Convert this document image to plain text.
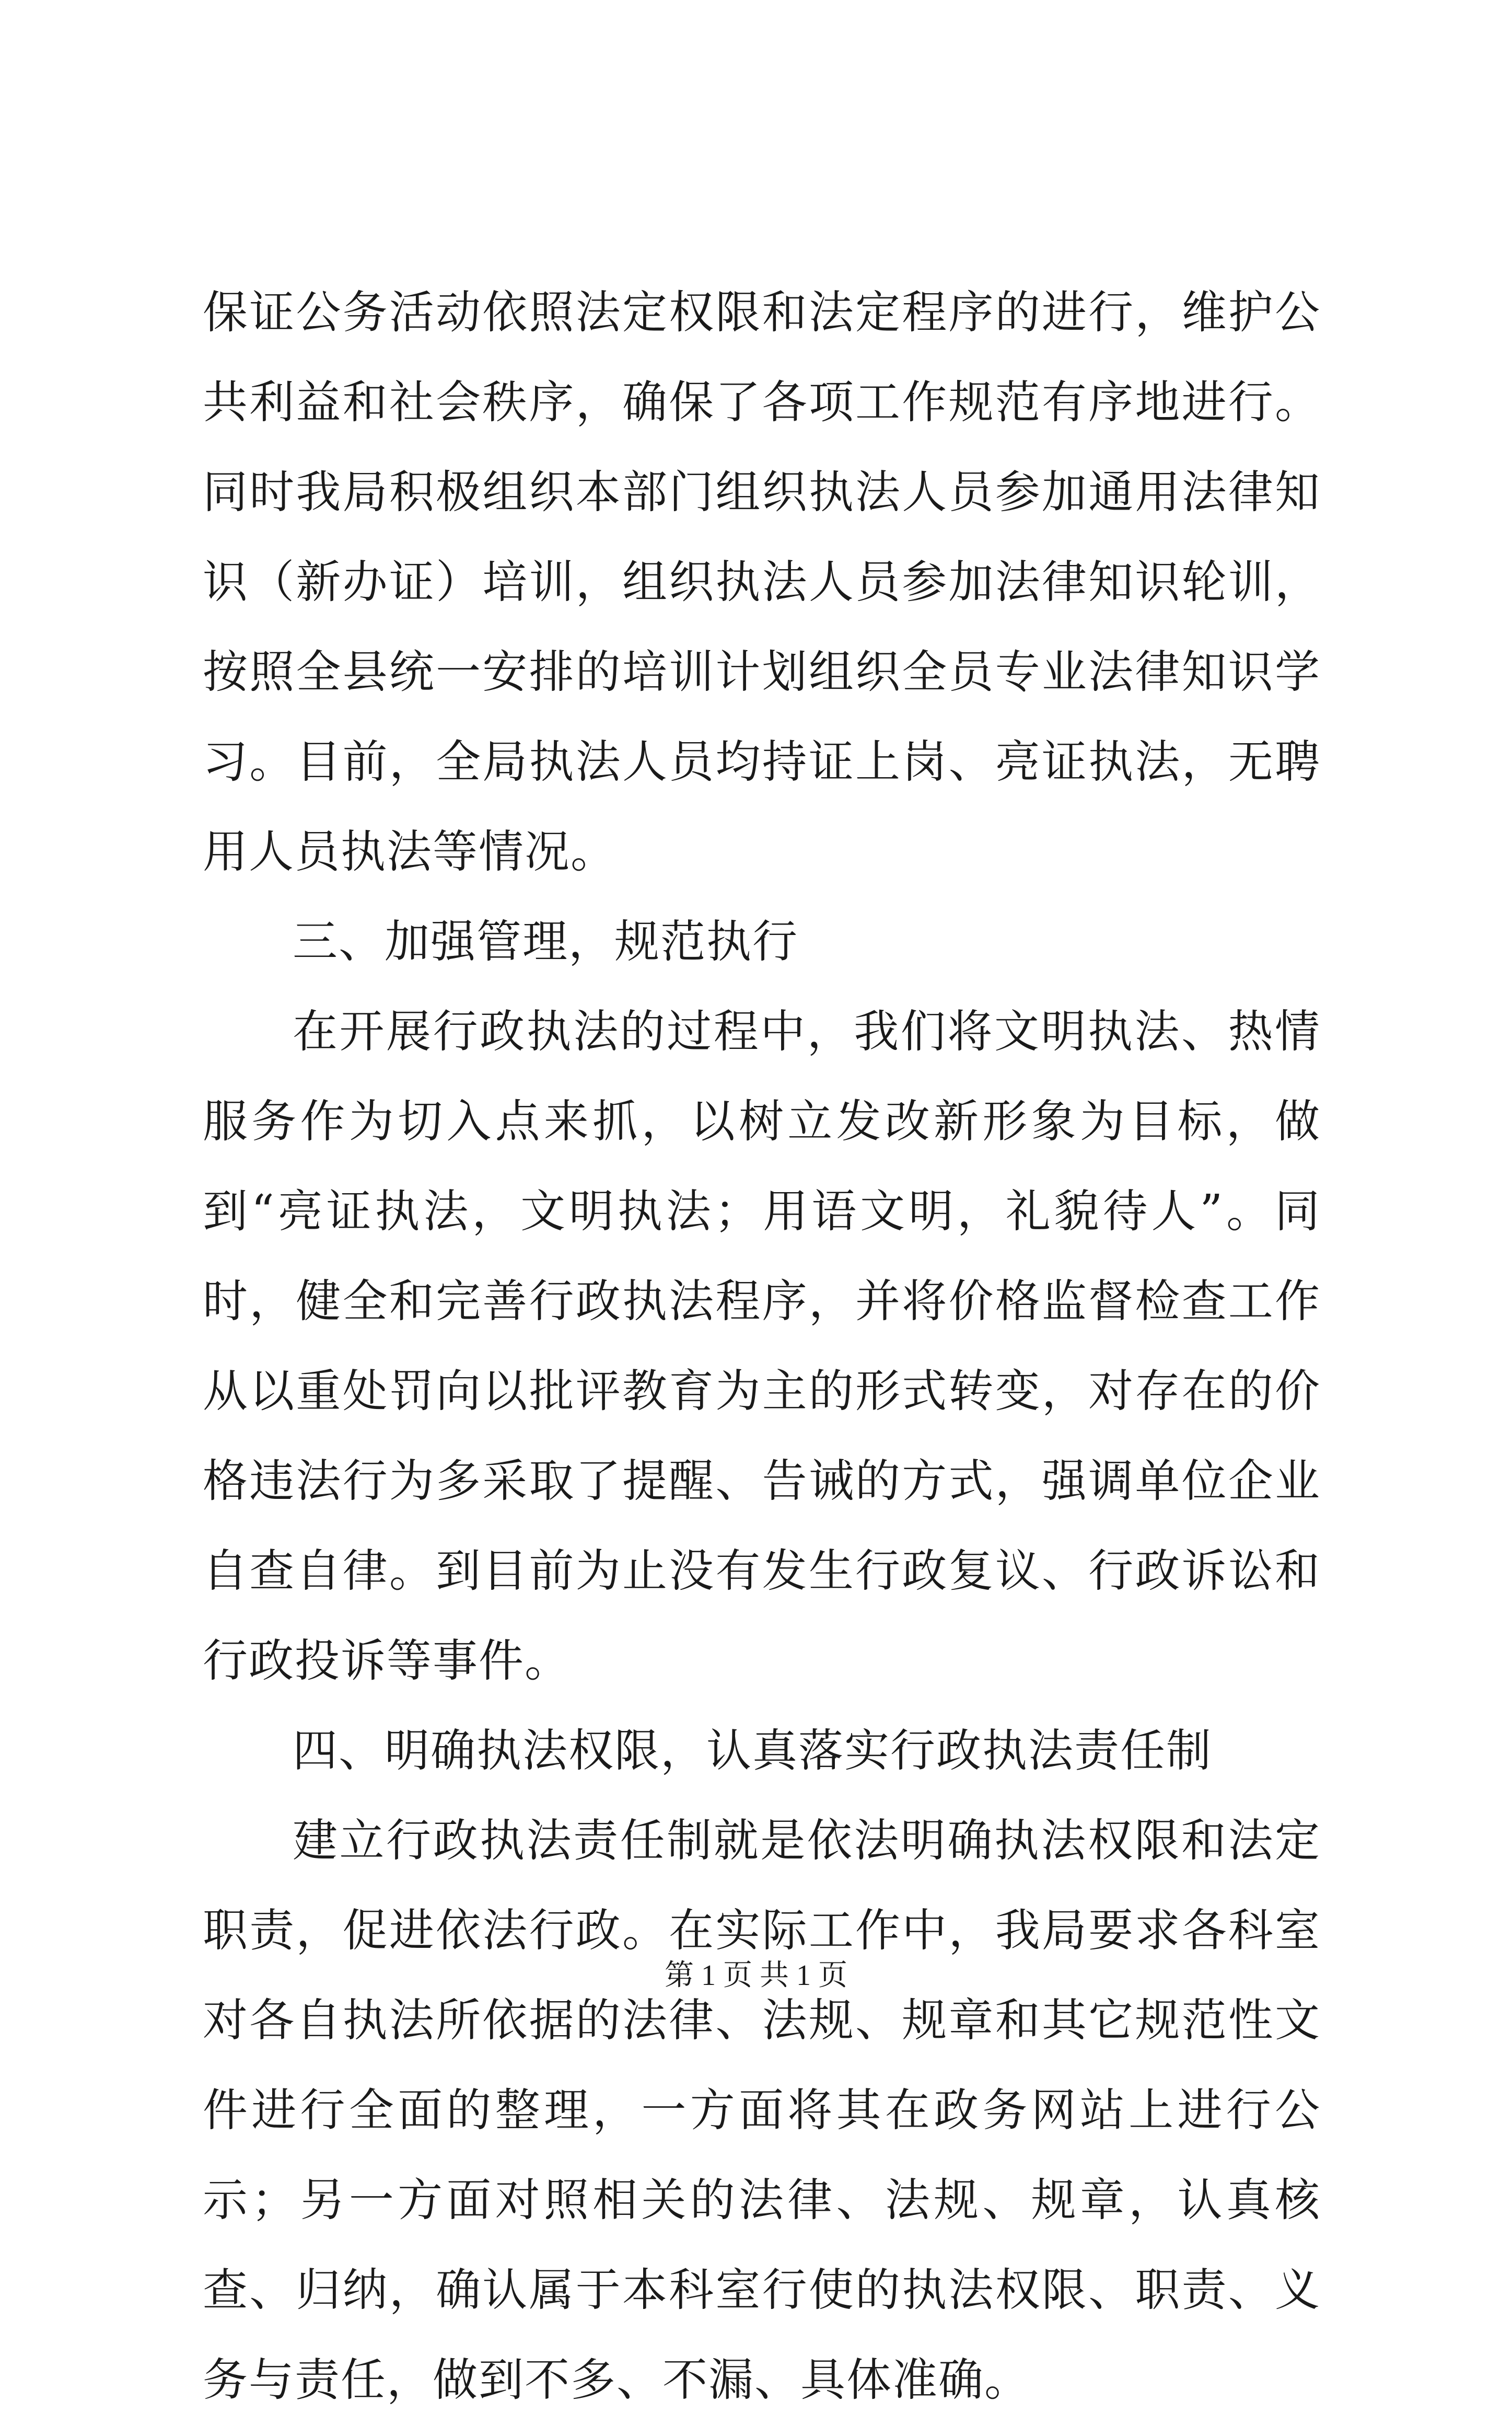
保证公务活动依照法定权限和法定程序的进行，维护公共利益和社会秩序，确保了各项工作规范有序地进行。同时我局积极组织本部门组织执法人员参加通用法律知识（新办证）培训，组织执法人员参加法律知识轮训，按照全县统一安排的培训计划组织全员专业法律知识学习。目前，全局执法人员均持证上岗、亮证执法，无聘用人员执法等情况。

三、加强管理，规范执行

在开展行政执法的过程中，我们将文明执法、热情服务作为切入点来抓，以树立发改新形象为目标，做到“亮证执法，文明执法；用语文明，礼貌待人”。同时，健全和完善行政执法程序，并将价格监督检查工作从以重处罚向以批评教育为主的形式转变，对存在的价格违法行为多采取了提醒、告诫的方式，强调单位企业自查自律。到目前为止没有发生行政复议、行政诉讼和行政投诉等事件。

四、明确执法权限，认真落实行政执法责任制

建立行政执法责任制就是依法明确执法权限和法定职责，促进依法行政。在实际工作中，我局要求各科室对各自执法所依据的法律、法规、规章和其它规范性文件进行全面的整理，一方面将其在政务网站上进行公示；另一方面对照相关的法律、法规、规章，认真核查、归纳，确认属于本科室行使的执法权限、职责、义务与责任，做到不多、不漏、具体准确。

第 1 页 共 1 页
